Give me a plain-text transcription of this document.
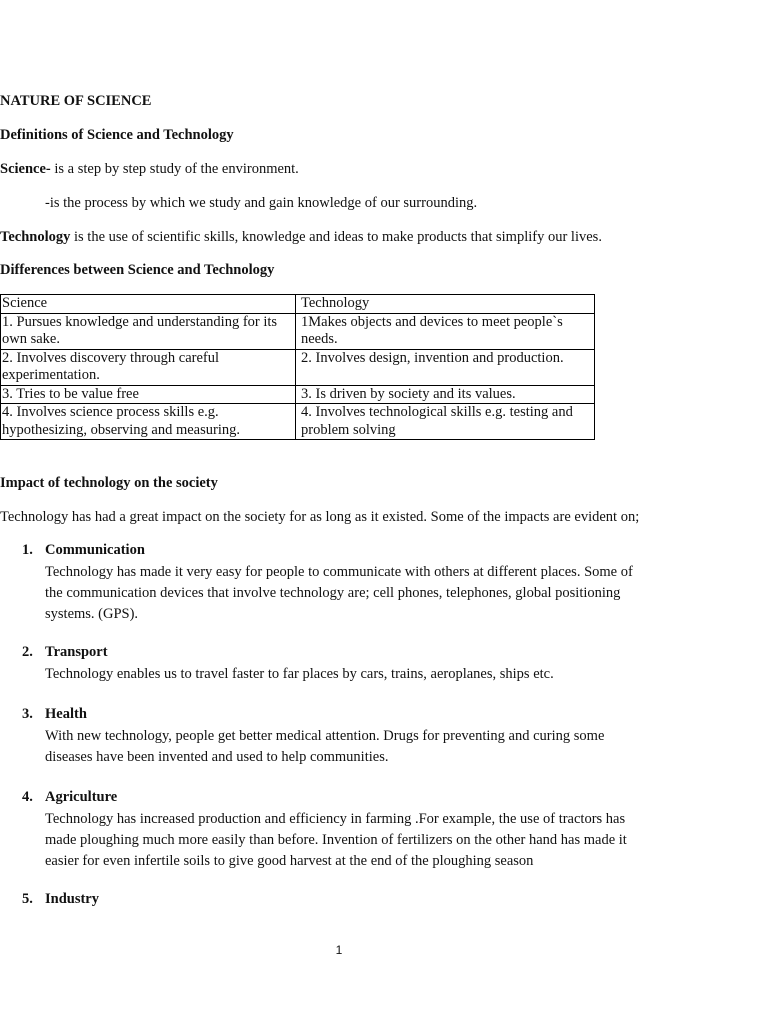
NATURE OF SCIENCE
Definitions of Science and Technology
Science- is a step by step study of the environment.
-is the process by which we study and gain knowledge of our surrounding.
Technology is the use of scientific skills, knowledge and ideas to make products that simplify our lives.
Differences between Science and Technology
Science	Technology
1. Pursues knowledge and understanding for its own sake.	1Makes objects and devices to meet people`s needs.
2. Involves discovery through careful experimentation.	2. Involves design, invention and production.
3. Tries to be value free	3. Is driven by society and its values.
4. Involves science process skills e.g. hypothesizing, observing and measuring.	4. Involves technological skills e.g. testing and problem solving
Impact of technology on the society
Technology has had a great impact on the society for as long as it existed. Some of the impacts are evident on;
1. Communication
Technology has made it very easy for people to communicate with others at different places. Some of
the communication devices that involve technology are; cell phones, telephones, global positioning
systems. (GPS).
2. Transport
Technology enables us to travel faster to far places by cars, trains, aeroplanes, ships etc.
3. Health
With new technology, people get better medical attention. Drugs for preventing and curing some
diseases have been invented and used to help communities.
4. Agriculture
Technology has increased production and efficiency in farming .For example, the use of tractors has
made ploughing much more easily than before. Invention of fertilizers on the other hand has made it
easier for even infertile soils to give good harvest at the end of the ploughing season
5. Industry
1
